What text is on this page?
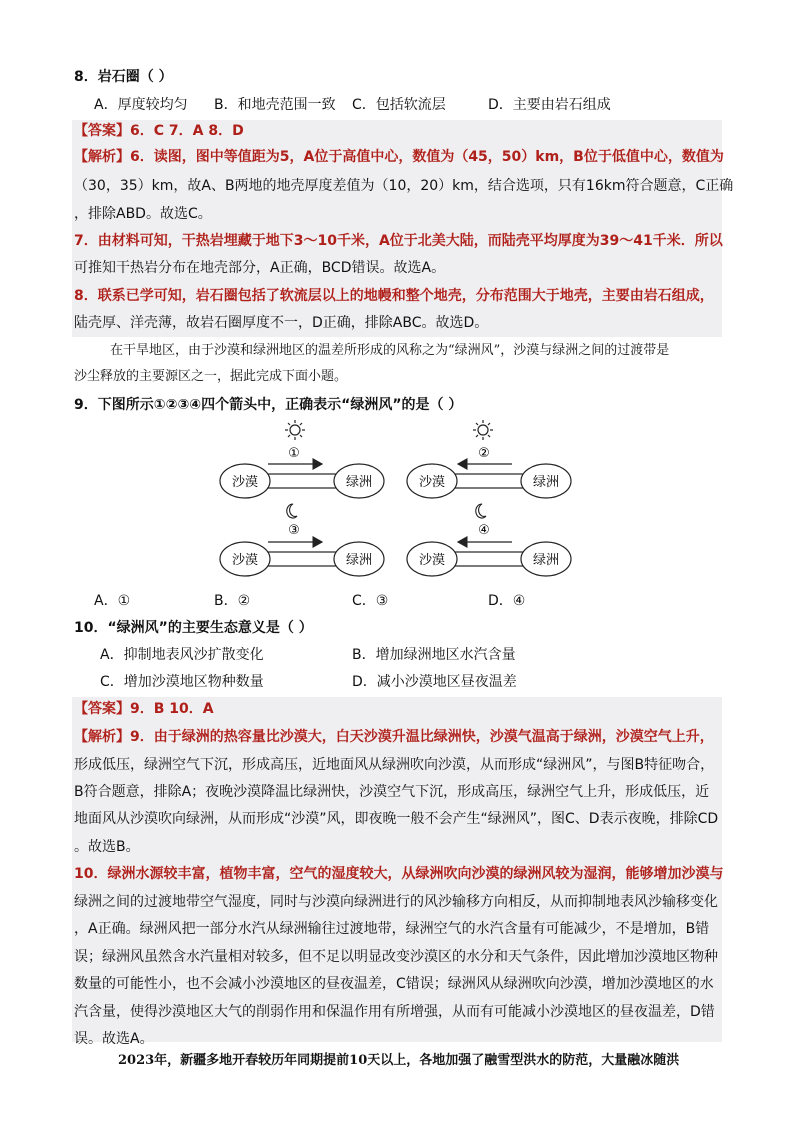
8．岩石圈（ ）
A．厚度较均匀 B．和地壳范围一致 C．包括软流层	D．主要由岩石组成
【答案】6．C 7．A 8．D
【解析】6．读图，图中等值距为5，A位于高值中心，数值为（45，50）km，B位于低值中心，数值为
（30，35）km，故A、B两地的地壳厚度差值为（10，20）km，结合选项，只有16km符合题意，C正确
，排除ABD。故选C。
7．由材料可知，干热岩埋藏于地下3～10千米，A位于北美大陆，而陆壳平均厚度为39～41千米．所以
可推知干热岩分布在地壳部分，A正确，BCD错误。故选A。
8．联系已学可知，岩石圈包括了软流层以上的地幔和整个地壳，分布范围大于地壳，主要由岩石组成，
陆壳厚、洋壳薄，故岩石圈厚度不一，D正确，排除ABC。故选D。
在干旱地区，由于沙漠和绿洲地区的温差所形成的风称之为“绿洲风”，沙漠与绿洲之间的过渡带是
沙尘释放的主要源区之一，据此完成下面小题。
9．下图所示①②③④四个箭头中，正确表示“绿洲风”的是（ ）
①
沙漠	绿洲
②
沙漠	绿洲
③
沙漠	绿洲
④
沙漠	绿洲
A．①	B．②	C．③	D．④
10．“绿洲风”的主要生态意义是（ ）
A．抑制地表风沙扩散变化	B．增加绿洲地区水汽含量
C．增加沙漠地区物种数量	D．减小沙漠地区昼夜温差
【答案】9．B 10．A
【解析】9．由于绿洲的热容量比沙漠大，白天沙漠升温比绿洲快，沙漠气温高于绿洲，沙漠空气上升，
形成低压，绿洲空气下沉，形成高压，近地面风从绿洲吹向沙漠，从而形成“绿洲风”，与图B特征吻合，
B符合题意，排除A；夜晚沙漠降温比绿洲快，沙漠空气下沉，形成高压，绿洲空气上升，形成低压，近
地面风从沙漠吹向绿洲，从而形成“沙漠”风，即夜晚一般不会产生“绿洲风”，图C、D表示夜晚，排除CD
。故选B。
10．绿洲水源较丰富，植物丰富，空气的湿度较大，从绿洲吹向沙漠的绿洲风较为湿润，能够增加沙漠与
绿洲之间的过渡地带空气湿度，同时与沙漠向绿洲进行的风沙输移方向相反，从而抑制地表风沙输移变化
，A正确。绿洲风把一部分水汽从绿洲输往过渡地带，绿洲空气的水汽含量有可能减少，不是增加，B错
误；绿洲风虽然含水汽量相对较多，但不足以明显改变沙漠区的水分和天气条件，因此增加沙漠地区物种
数量的可能性小，也不会减小沙漠地区的昼夜温差，C错误；绿洲风从绿洲吹向沙漠，增加沙漠地区的水
汽含量，使得沙漠地区大气的削弱作用和保温作用有所增强，从而有可能减小沙漠地区的昼夜温差，D错
误。故选A。
2023年，新疆多地开春较历年同期提前10天以上，各地加强了融雪型洪水的防范，大量融冰随洪
